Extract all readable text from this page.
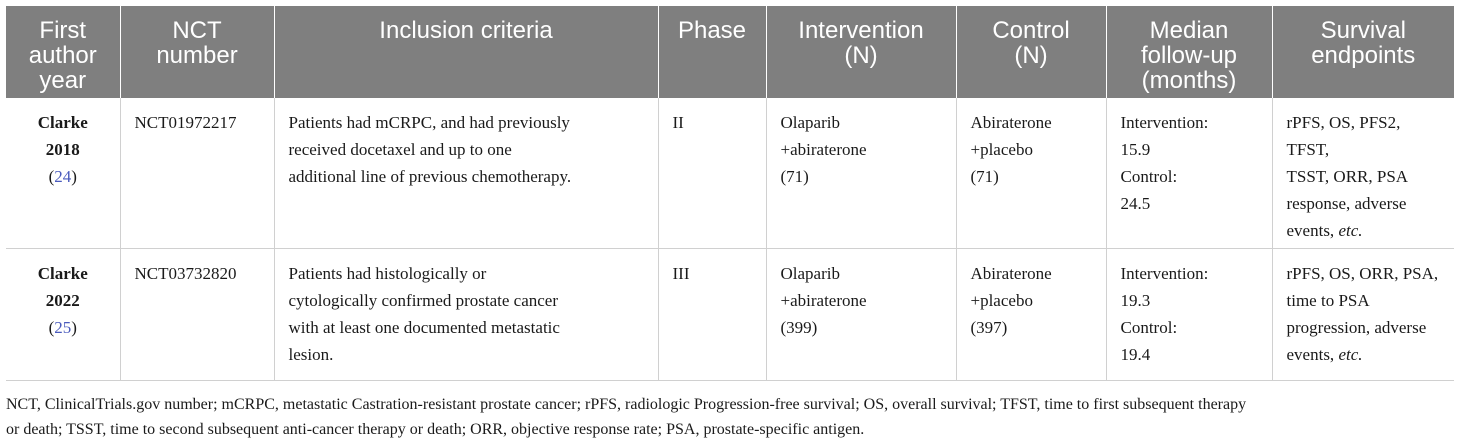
First
author
year	NCT
number	Inclusion criteria	Phase	Intervention
(N)	Control
(N)	Median
follow-up
(months)	Survival
endpoints

Clarke
2018
(24)	NCT01972217	Patients had mCRPC, and had previously
received docetaxel and up to one
additional line of previous chemotherapy.	II	Olaparib
+abiraterone
(71)	Abiraterone
+placebo
(71)	Intervention:
15.9
Control:
24.5	rPFS, OS, PFS2, TFST,
TSST, ORR, PSA
response, adverse
events, etc.

Clarke
2022
(25)	NCT03732820	Patients had histologically or
cytologically confirmed prostate cancer
with at least one documented metastatic
lesion.	III	Olaparib
+abiraterone
(399)	Abiraterone
+placebo
(397)	Intervention:
19.3
Control:
19.4	rPFS, OS, ORR, PSA,
time to PSA
progression, adverse
events, etc.
NCT, ClinicalTrials.gov number; mCRPC, metastatic Castration-resistant prostate cancer; rPFS, radiologic Progression-free survival; OS, overall survival; TFST, time to first subsequent therapy
or death; TSST, time to second subsequent anti-cancer therapy or death; ORR, objective response rate; PSA, prostate-specific antigen.
